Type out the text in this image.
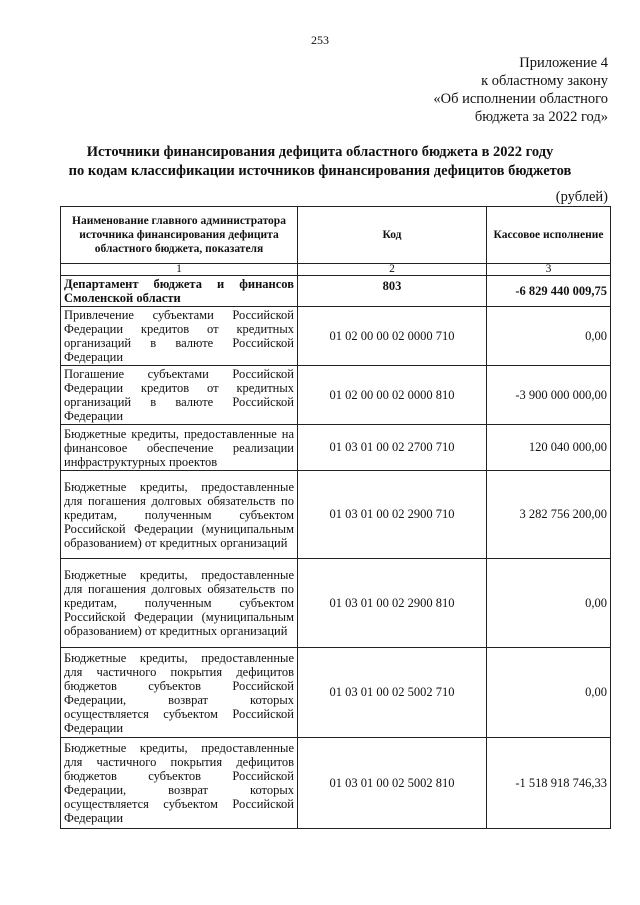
253
Приложение 4
к областному закону
«Об исполнении областного
бюджета за 2022 год»
Источники финансирования дефицита областного бюджета в 2022 году
по кодам классификации источников финансирования дефицитов бюджетов
(рублей)
Наименование главного администратора источника финансирования дефицита областного бюджета, показателя	Код	Кассовое исполнение
1	2	3
Департамент бюджета и финансов Смоленской области	803	-6 829 440 009,75
Привлечение субъектами Российской Федерации кредитов от кредитных организаций в валюте Российской Федерации	01 02 00 00 02 0000 710	0,00
Погашение субъектами Российской Федерации кредитов от кредитных организаций в валюте Российской Федерации	01 02 00 00 02 0000 810	-3 900 000 000,00
Бюджетные кредиты, предоставленные на финансовое обеспечение реализации инфраструктурных проектов	01 03 01 00 02 2700 710	120 040 000,00
Бюджетные кредиты, предоставленные для погашения долговых обязательств по кредитам, полученным субъектом Российской Федерации (муниципальным образованием) от кредитных организаций	01 03 01 00 02 2900 710	3 282 756 200,00
Бюджетные кредиты, предоставленные для погашения долговых обязательств по кредитам, полученным субъектом Российской Федерации (муниципальным образованием) от кредитных организаций	01 03 01 00 02 2900 810	0,00
Бюджетные кредиты, предоставленные для частичного покрытия дефицитов бюджетов субъектов Российской Федерации, возврат которых осуществляется субъектом Российской Федерации	01 03 01 00 02 5002 710	0,00
Бюджетные кредиты, предоставленные для частичного покрытия дефицитов бюджетов субъектов Российской Федерации, возврат которых осуществляется субъектом Российской Федерации	01 03 01 00 02 5002 810	-1 518 918 746,33
